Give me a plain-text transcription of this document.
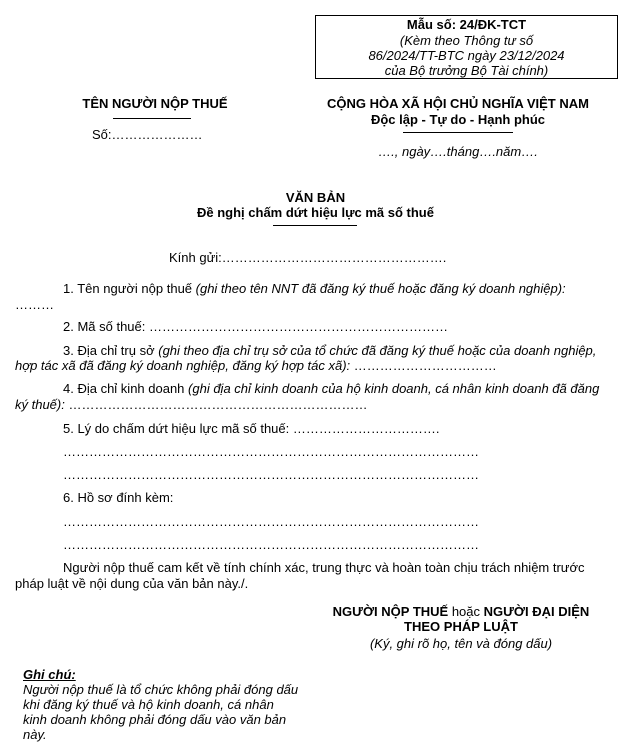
Mẫu số: 24/ĐK-TCT
(Kèm theo Thông tư số
86/2024/TT-BTC ngày 23/12/2024
của Bộ trưởng Bộ Tài chính)
TÊN NGƯỜI NỘP THUẾ
Số:…………………
CỘNG HÒA XÃ HỘI CHỦ NGHĨA VIỆT NAM
Độc lập - Tự do - Hạnh phúc
…., ngày….tháng….năm….
VĂN BẢN
Đề nghị chấm dứt hiệu lực mã số thuế
Kính gửi:…………………………………………….
1. Tên người nộp thuế (ghi theo tên NNT đã đăng ký thuế hoặc đăng ký doanh nghiệp):
………
2. Mã số thuế: ……………………………………………………………
3. Địa chỉ trụ sở (ghi theo địa chỉ trụ sở của tổ chức đã đăng ký thuế hoặc của doanh nghiệp,
hợp tác xã đã đăng ký doanh nghiệp, đăng ký hợp tác xã): ……………………………
4. Địa chỉ kinh doanh (ghi địa chỉ kinh doanh của hộ kinh doanh, cá nhân kinh doanh đã đăng
ký thuế): ……………………………………………………………
5. Lý do chấm dứt hiệu lực mã số thuế: …………………………….
……………………………………………………………………………………
……………………………………………………………………………………
6. Hồ sơ đính kèm:
……………………………………………………………………………………
……………………………………………………………………………………
Người nộp thuế cam kết về tính chính xác, trung thực và hoàn toàn chịu trách nhiệm trước
pháp luật về nội dung của văn bản này./.
NGƯỜI NỘP THUẾ hoặc NGƯỜI ĐẠI DIỆN
THEO PHÁP LUẬT
(Ký, ghi rõ họ, tên và đóng dấu)
Ghi chú:
Người nộp thuế là tổ chức không phải đóng dấu
khi đăng ký thuế và hộ kinh doanh, cá nhân
kinh doanh không phải đóng dấu vào văn bản
này.
